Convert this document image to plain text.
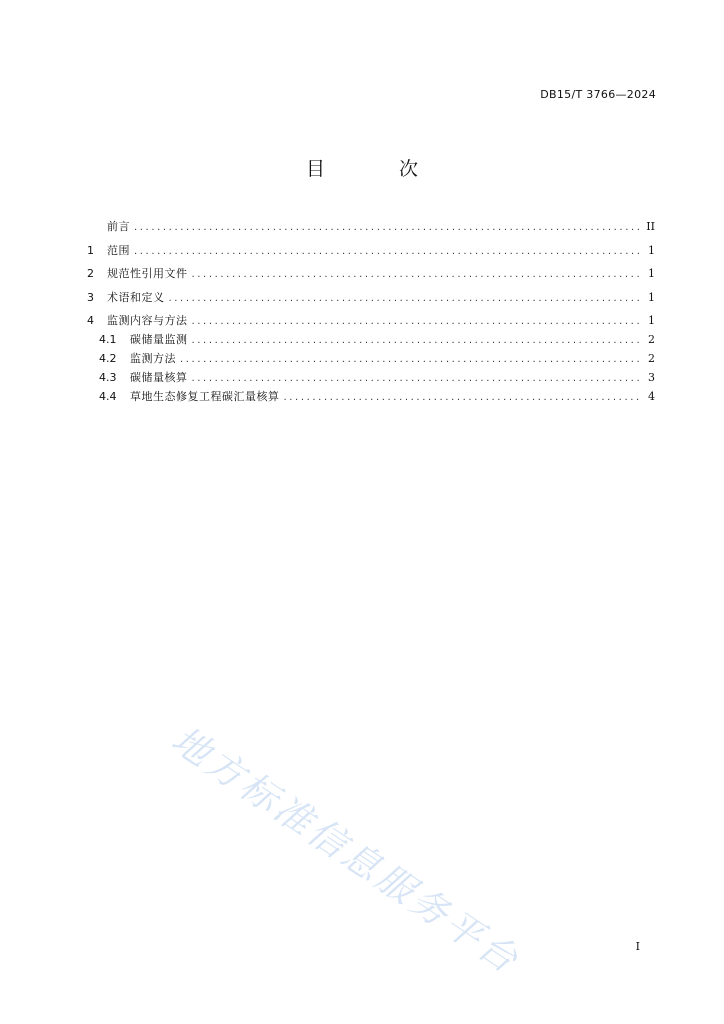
DB15/T 3766—2024
目 次
前言 .....	II
1	范围 .....	1
2	规范性引用文件 .....	1
3	术语和定义 .....	1
4	监测内容与方法 .....	1
4.1	碳储量监测 .....	2
4.2	监测方法 .....	2
4.3	碳储量核算 .....	3
4.4	草地生态修复工程碳汇量核算 .....	4
地方标准信息服务平台	I
